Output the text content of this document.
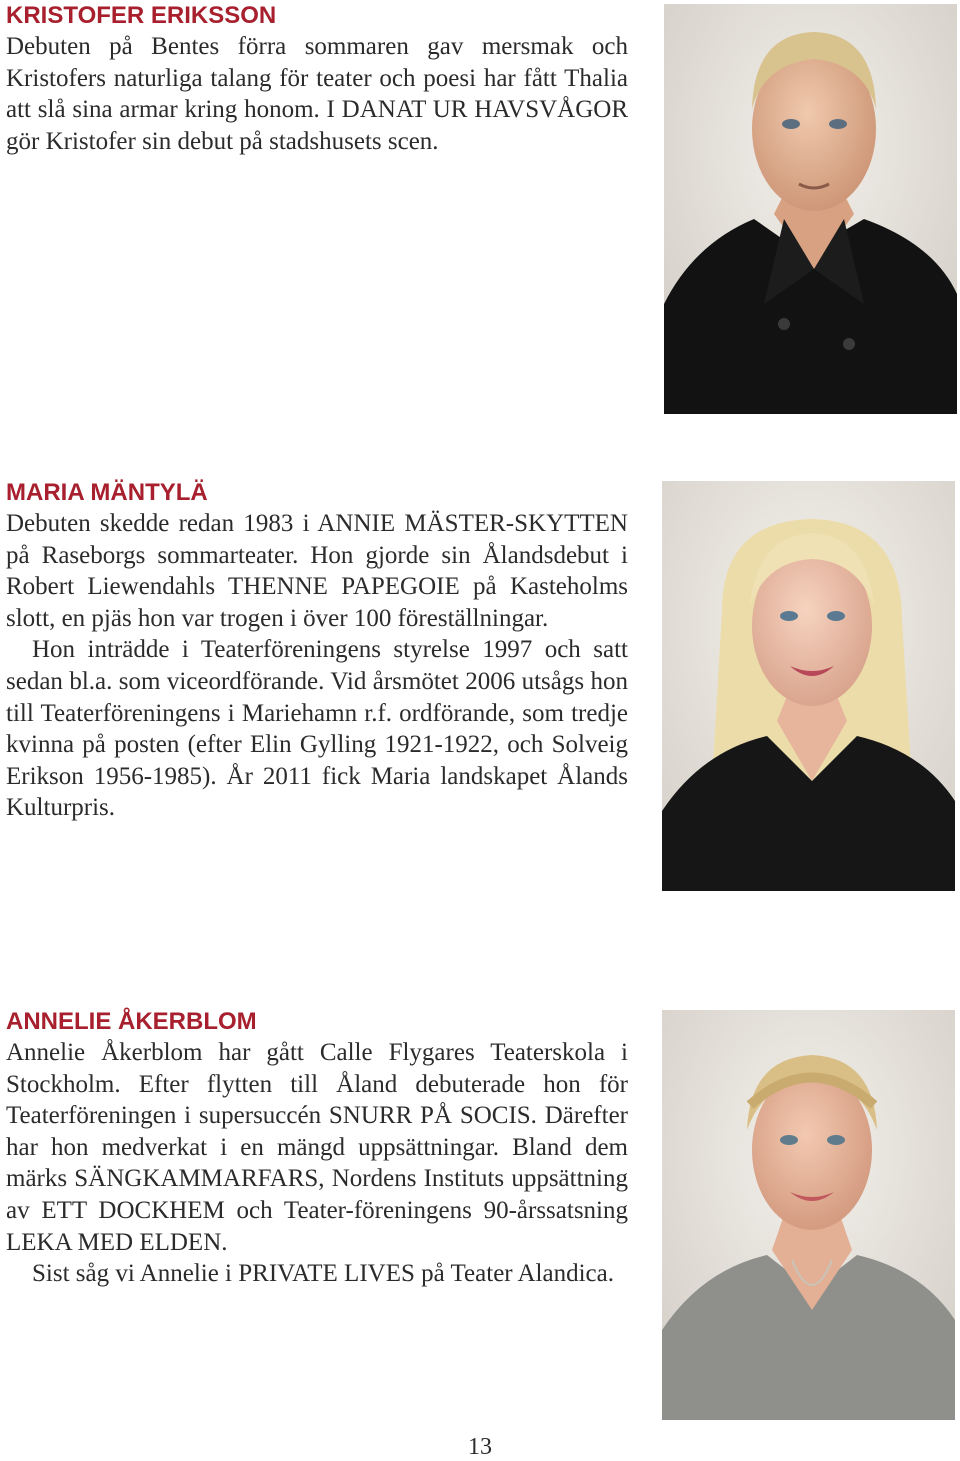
KRISTOFER ERIKSSON

Debuten på Bentes förra sommaren gav mersmak och Kristofers naturliga talang för teater och poesi har fått Thalia att slå sina armar kring honom. I DANAT UR HAVSVÅGOR gör Kristofer sin debut på stadshusets scen.

MARIA MÄNTYLÄ

Debuten skedde redan 1983 i ANNIE MÄSTER-SKYTTEN på Raseborgs sommarteater. Hon gjorde sin Ålandsdebut i Robert Liewendahls THENNE PAPEGOIE på Kasteholms slott, en pjäs hon var trogen i över 100 föreställningar.

Hon inträdde i Teaterföreningens styrelse 1997 och satt sedan bl.a. som viceordförande. Vid årsmötet 2006 utsågs hon till Teaterföreningens i Mariehamn r.f. ordförande, som tredje kvinna på posten (efter Elin Gylling 1921-1922, och Solveig Erikson 1956-1985). År 2011 fick Maria landskapet Ålands Kulturpris.

ANNELIE ÅKERBLOM

Annelie Åkerblom har gått Calle Flygares Teaterskola i Stockholm. Efter flytten till Åland debuterade hon för Teaterföreningen i supersuccén SNURR PÅ SOCIS. Därefter har hon medverkat i en mängd uppsättningar. Bland dem märks SÄNGKAMMARFARS, Nordens Instituts uppsättning av ETT DOCKHEM och Teater-föreningens 90-årssatsning LEKA MED ELDEN.

Sist såg vi Annelie i PRIVATE LIVES på Teater Alandica.

13
